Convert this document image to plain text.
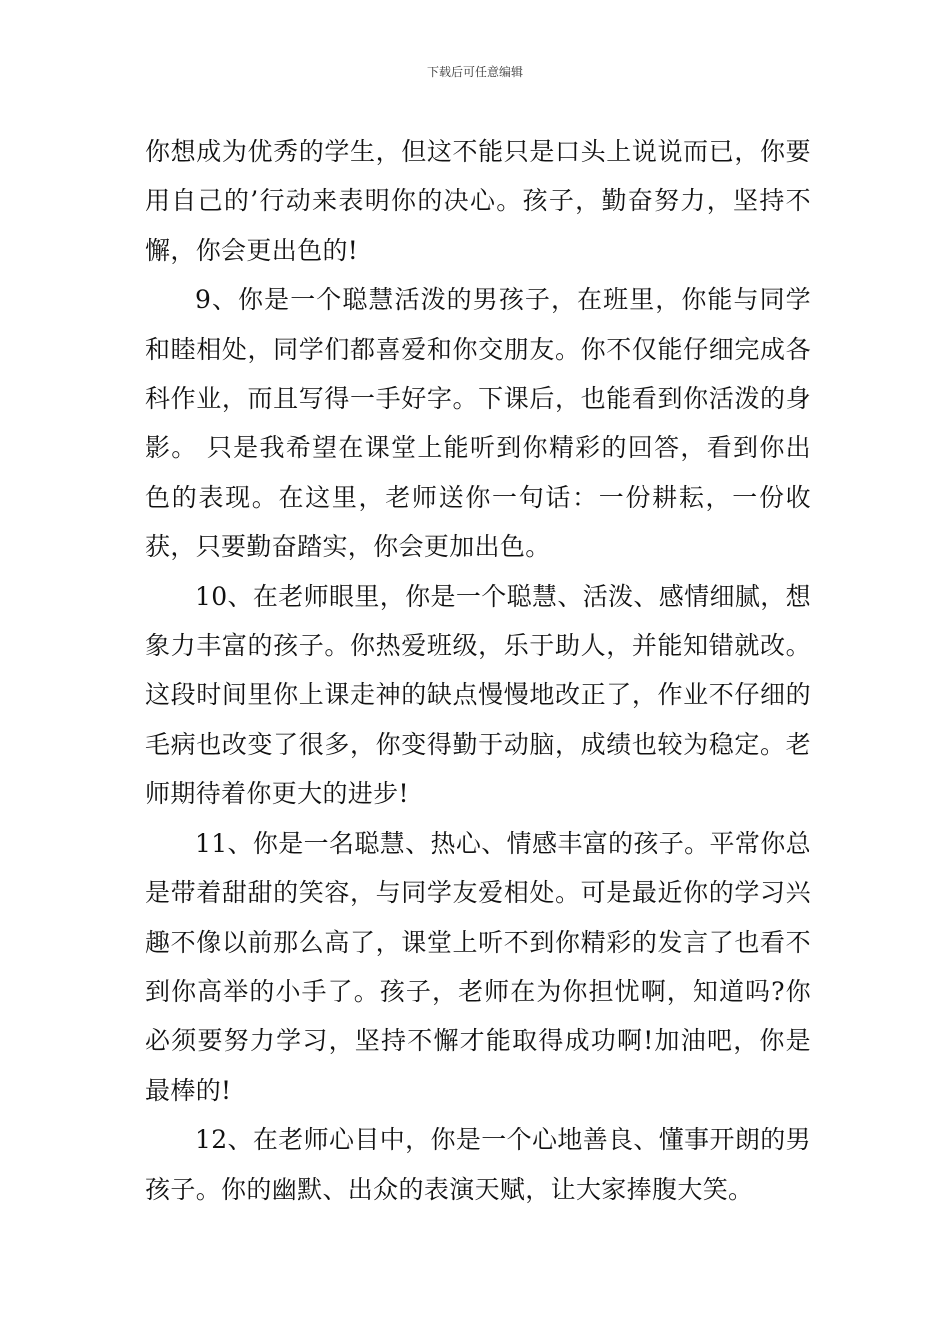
下载后可任意编辑

你想成为优秀的学生，但这不能只是口头上说说而已，你要用自己的’行动来表明你的决心。孩子，勤奋努力，坚持不懈，你会更出色的!

9、你是一个聪慧活泼的男孩子，在班里，你能与同学和睦相处，同学们都喜爱和你交朋友。你不仅能仔细完成各科作业，而且写得一手好字。下课后，也能看到你活泼的身影。 只是我希望在课堂上能听到你精彩的回答，看到你出色的表现。在这里，老师送你一句话：一份耕耘，一份收获，只要勤奋踏实，你会更加出色。

10、在老师眼里，你是一个聪慧、活泼、感情细腻，想象力丰富的孩子。你热爱班级，乐于助人，并能知错就改。这段时间里你上课走神的缺点慢慢地改正了，作业不仔细的毛病也改变了很多，你变得勤于动脑，成绩也较为稳定。老师期待着你更大的进步!

11、你是一名聪慧、热心、情感丰富的孩子。平常你总是带着甜甜的笑容，与同学友爱相处。可是最近你的学习兴趣不像以前那么高了，课堂上听不到你精彩的发言了也看不到你高举的小手了。孩子，老师在为你担忧啊，知道吗?你必须要努力学习，坚持不懈才能取得成功啊!加油吧，你是最棒的!

12、在老师心目中，你是一个心地善良、懂事开朗的男孩子。你的幽默、出众的表演天赋，让大家捧腹大笑。
